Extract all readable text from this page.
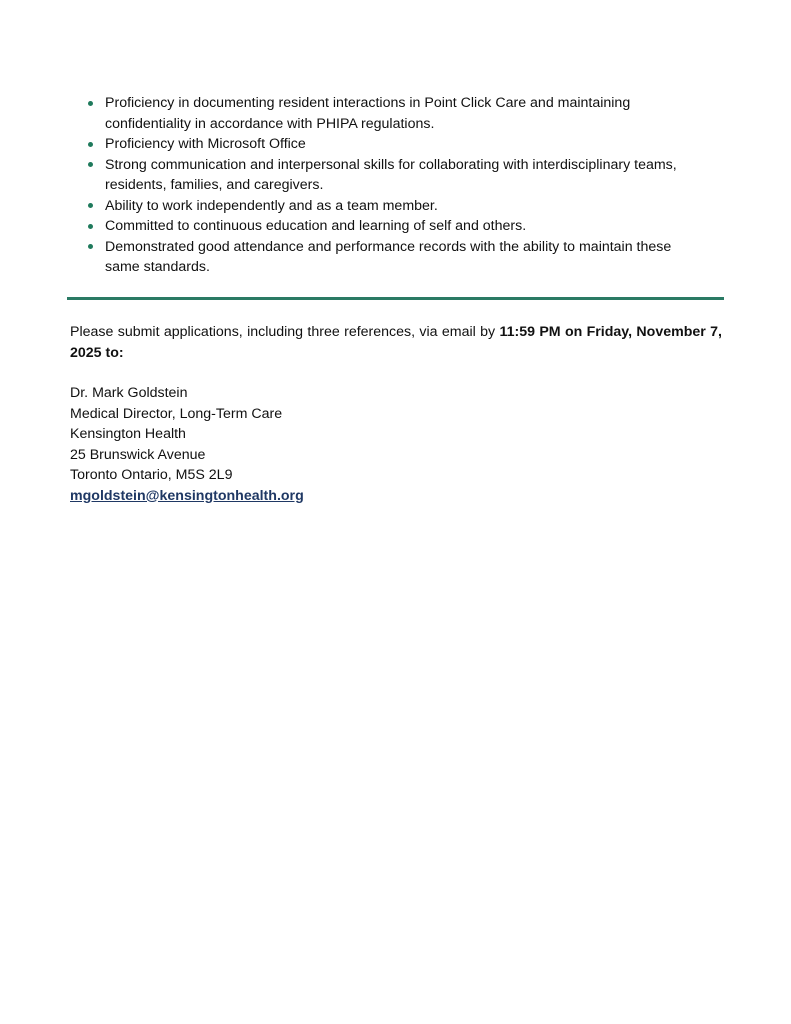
Proficiency in documenting resident interactions in Point Click Care and maintaining confidentiality in accordance with PHIPA regulations.
Proficiency with Microsoft Office
Strong communication and interpersonal skills for collaborating with interdisciplinary teams, residents, families, and caregivers.
Ability to work independently and as a team member.
Committed to continuous education and learning of self and others.
Demonstrated good attendance and performance records with the ability to maintain these same standards.

Please submit applications, including three references, via email by 11:59 PM on Friday, November 7, 2025 to:

Dr. Mark Goldstein
Medical Director, Long-Term Care
Kensington Health
25 Brunswick Avenue
Toronto Ontario, M5S 2L9
mgoldstein@kensingtonhealth.org
